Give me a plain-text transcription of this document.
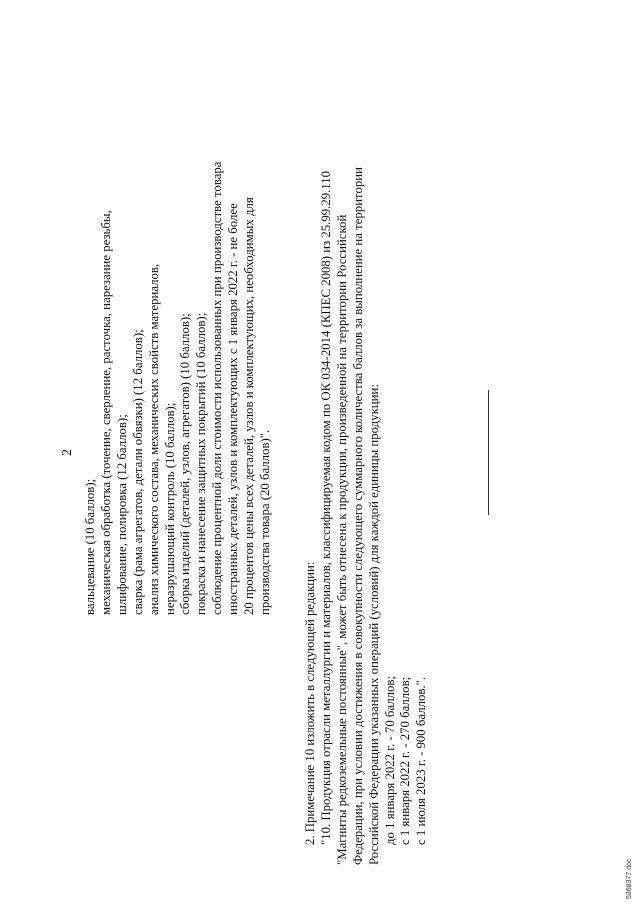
2
вальцевание (10 баллов); механическая обработка (точение, сверление, расточка, нарезание резьбы, шлифование, полировка (12 баллов); сварка (рама агрегатов, детали обвязки) (12 баллов); анализ химического состава, механических свойств материалов, неразрушающий контроль (10 баллов); сборка изделий (деталей, узлов, агрегатов) (10 баллов); покраска и нанесение защитных покрытий (10 баллов); соблюдение процентной доли стоимости использованных при производстве товара иностранных деталей, узлов и комплектующих с 1 января 2022 г. - не более 20 процентов цены всех деталей, узлов и комплектующих, необходимых для производства товара (20 баллов)".
2. Примечание 10 изложить в следующей редакции: "10. Продукция отрасли металлургии и материалов, классифицируемая кодом по ОК 034-2014 (КПЕС 2008) из 25.99.29.110 "Магниты редкоземельные постоянные", может быть отнесена к продукции, произведенной на территории Российской Федерации, при условии достижения в совокупности следующего суммарного количества баллов за выполнение на территории Российской Федерации указанных операций (условий) для каждой единицы продукции: до 1 января 2022 г. - 70 баллов; с 1 января 2022 г. - 270 баллов; с 1 июля 2023 г. - 900 баллов.".
5368377.doc
